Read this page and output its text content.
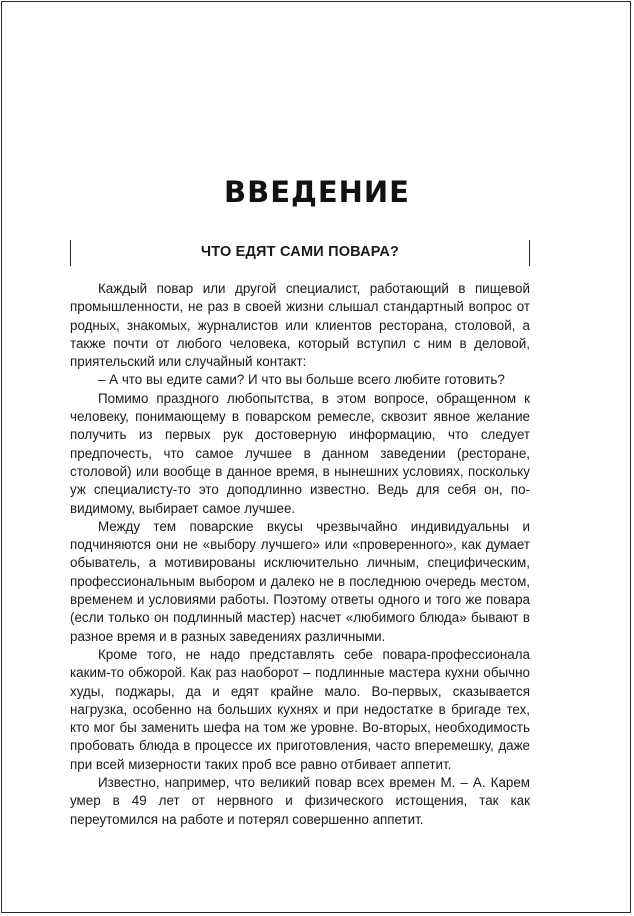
ВВЕДЕНИЕ
ЧТО ЕДЯТ САМИ ПОВАРА?

Каждый повар или другой специалист, работающий в пищевой промышленности, не раз в своей жизни слышал стандартный вопрос от родных, знакомых, журналистов или клиентов ресторана, столовой, а также почти от любого человека, который вступил с ним в деловой, приятельский или случайный контакт:

– А что вы едите сами? И что вы больше всего любите готовить?

Помимо праздного любопытства, в этом вопросе, обращенном к человеку, понимающему в поварском ремесле, сквозит явное желание получить из первых рук достоверную информацию, что следует предпочесть, что самое лучшее в данном заведении (ресторане, столовой) или вообще в данное время, в нынешних условиях, поскольку уж специалисту-то это доподлинно известно. Ведь для себя он, по-видимому, выбирает самое лучшее.

Между тем поварские вкусы чрезвычайно индивидуальны и подчиняются они не «выбору лучшего» или «проверенного», как думает обыватель, а мотивированы исключительно личным, специфическим, профессиональным выбором и далеко не в последнюю очередь местом, временем и условиями работы. Поэтому ответы одного и того же повара (если только он подлинный мастер) насчет «любимого блюда» бывают в разное время и в разных заведениях различными.

Кроме того, не надо представлять себе повара-профессионала каким-то обжорой. Как раз наоборот – подлинные мастера кухни обычно худы, поджары, да и едят крайне мало. Во-первых, сказывается нагрузка, особенно на больших кухнях и при недостатке в бригаде тех, кто мог бы заменить шефа на том же уровне. Во-вторых, необходимость пробовать блюда в процессе их приготовления, часто вперемешку, даже при всей мизерности таких проб все равно отбивает аппетит.

Известно, например, что великий повар всех времен М. – А. Карем умер в 49 лет от нервного и физического истощения, так как переутомился на работе и потерял совершенно аппетит.
